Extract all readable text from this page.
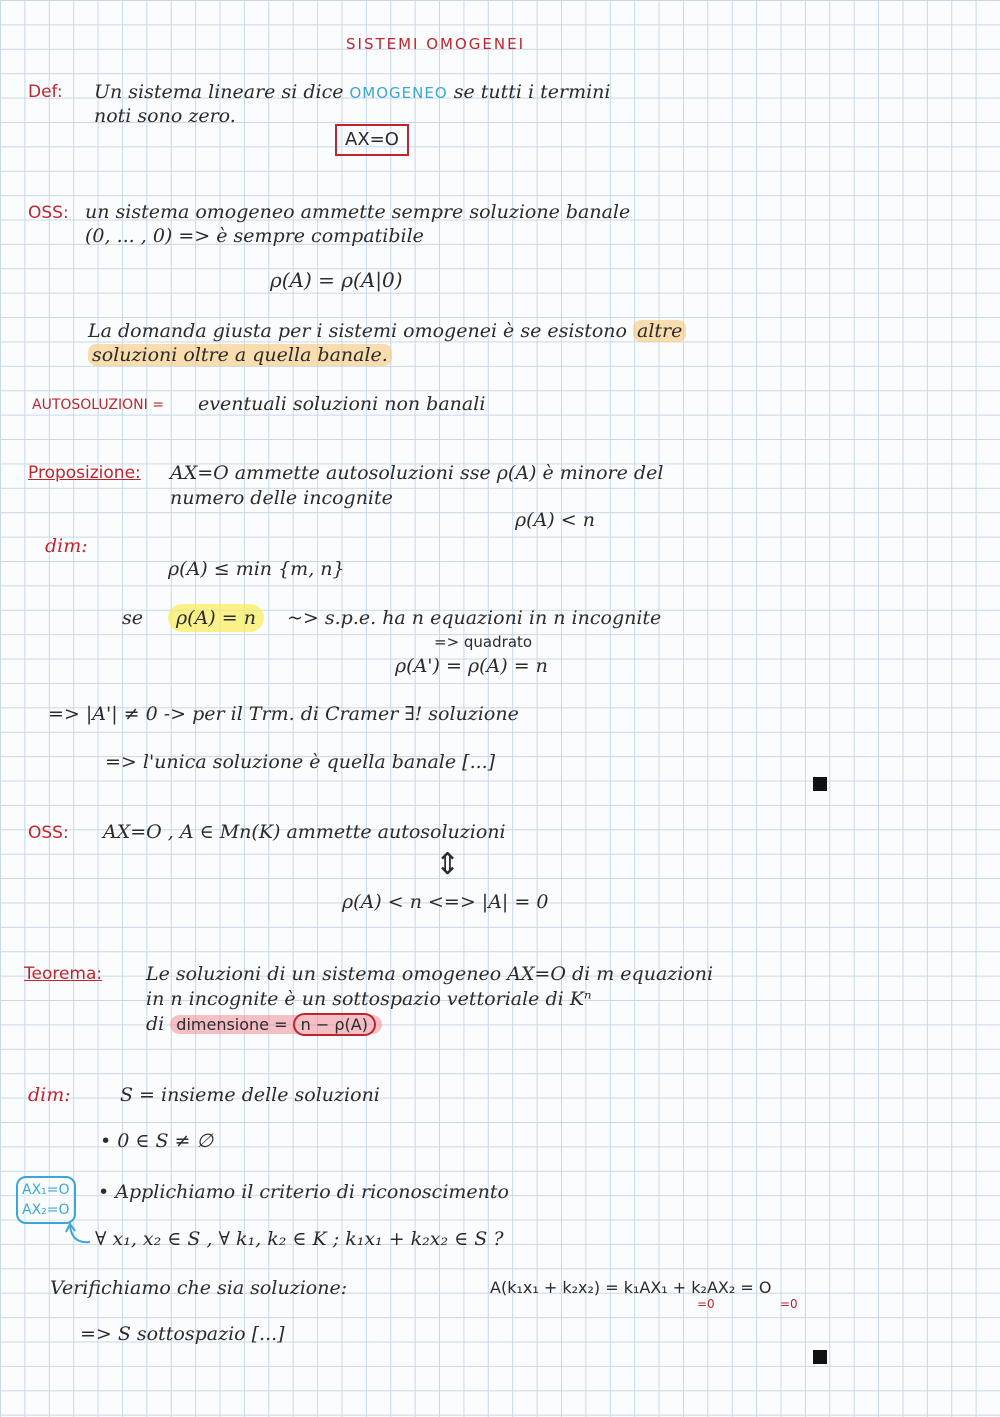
SISTEMI OMOGENEI
Def: Un sistema lineare si dice OMOGENEO se tutti i termini
noti sono zero.
AX=O
OSS: un sistema omogeneo ammette sempre soluzione banale
(0, ... , 0) => è sempre compatibile
ρ(A) = ρ(A|0)
La domanda giusta per i sistemi omogenei è se esistono altre
soluzioni oltre a quella banale.
AUTOSOLUZIONI = eventuali soluzioni non banali
Proposizione: AX=O ammette autosoluzioni sse ρ(A) è minore del
numero delle incognite
ρ(A) < n
dim:
ρ(A) ≤ min {m, n}
se	ρ(A) = n	~> s.p.e. ha n equazioni in n incognite
=> quadrato
ρ(A') = ρ(A) = n
=> |A'| ≠ 0 -> per il Trm. di Cramer ∃! soluzione
=> l'unica soluzione è quella banale [...]
OSS: AX=O , A ∈ Mn(K) ammette autosoluzioni
⇕
ρ(A) < n <=> |A| = 0
Teorema: Le soluzioni di un sistema omogeneo AX=O di m equazioni
in n incognite è un sottospazio vettoriale di Kⁿ
di dimensione = n − ρ(A)
dim:	S = insieme delle soluzioni
• 0 ∈ S ≠ ∅
AX₁=O
AX₂=O
• Applichiamo il criterio di riconoscimento
∀ x₁, x₂ ∈ S , ∀ k₁, k₂ ∈ K ; k₁x₁ + k₂x₂ ∈ S ?
Verifichiamo che sia soluzione:	A(k₁x₁ + k₂x₂) = k₁AX₁ + k₂AX₂ = O
=0	=0
=> S sottospazio [...]
